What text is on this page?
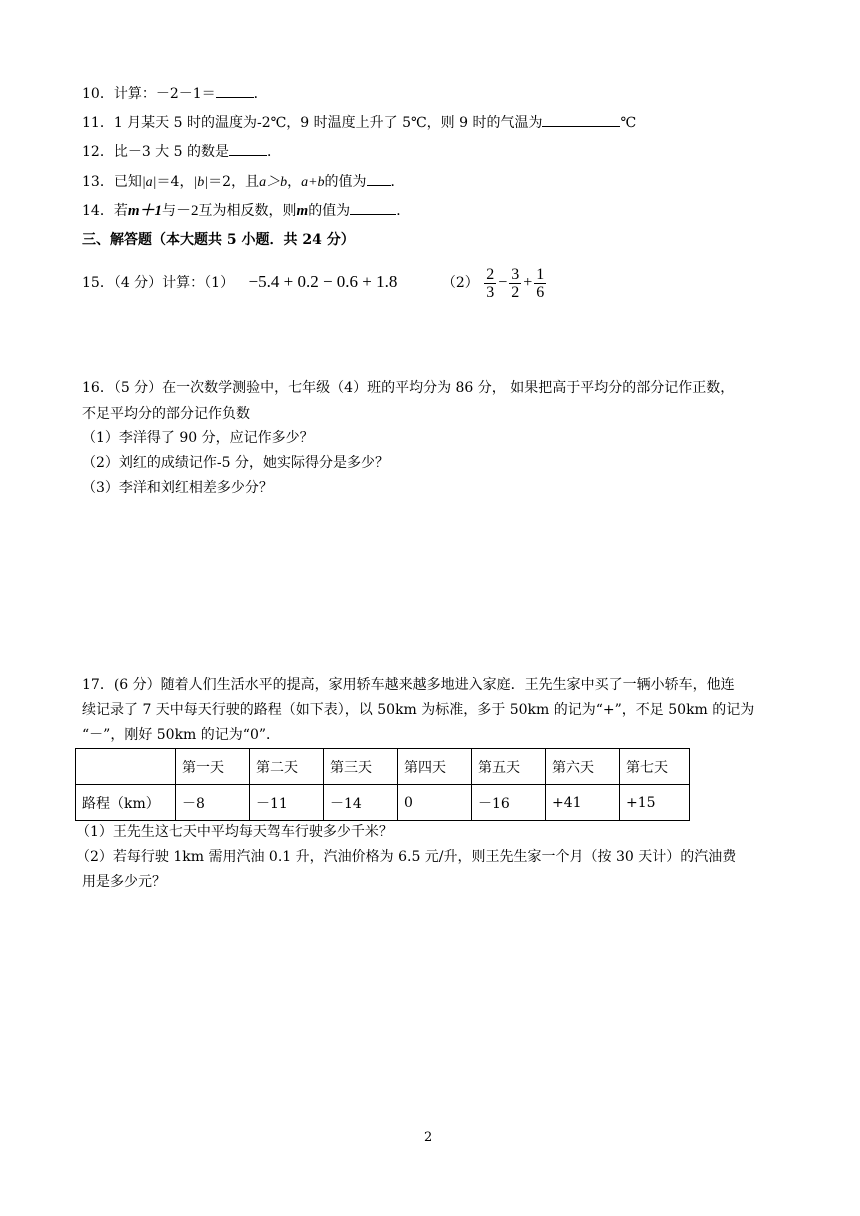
10．计算：－2－1＝	．
11．1 月某天 5 时的温度为-2℃，9 时温度上升了 5℃，则 9 时的气温为	℃
12．比－3 大 5 的数是	．
13．已知|a|＝4，|b|＝2，且a＞b，a+b的值为 ．
14．若m＋1与－2互为相反数，则m的值为	．
三、解答题（本大题共 5 小题．共 24 分）
15．（4 分）计算：（1） −5.4 + 0.2 − 0.6 + 1.8	$(2) \frac{2}{3} - \frac{3}{2} + \frac{1}{6}$
16．（5 分）在一次数学测验中，七年级（4）班的平均分为 86 分， 如果把高于平均分的部分记作正数，
不足平均分的部分记作负数
（1）李洋得了 90 分，应记作多少？
（2）刘红的成绩记作-5 分，她实际得分是多少？
（3）李洋和刘红相差多少分？
17．(6 分）随着人们生活水平的提高，家用轿车越来越多地进入家庭．王先生家中买了一辆小轿车，他连
续记录了 7 天中每天行驶的路程（如下表），以 50km 为标准，多于 50km 的记为“+”，不足 50km 的记为
“－”，刚好 50km 的记为“0”．
	第一天	第二天	第三天	第四天	第五天	第六天	第七天
路程（km）	－8	－11	－14	0	－16	+41	+15
（1）王先生这七天中平均每天驾车行驶多少千米？
（2）若每行驶 1km 需用汽油 0.1 升，汽油价格为 6.5 元/升，则王先生家一个月（按 30 天计）的汽油费
用是多少元？
2
